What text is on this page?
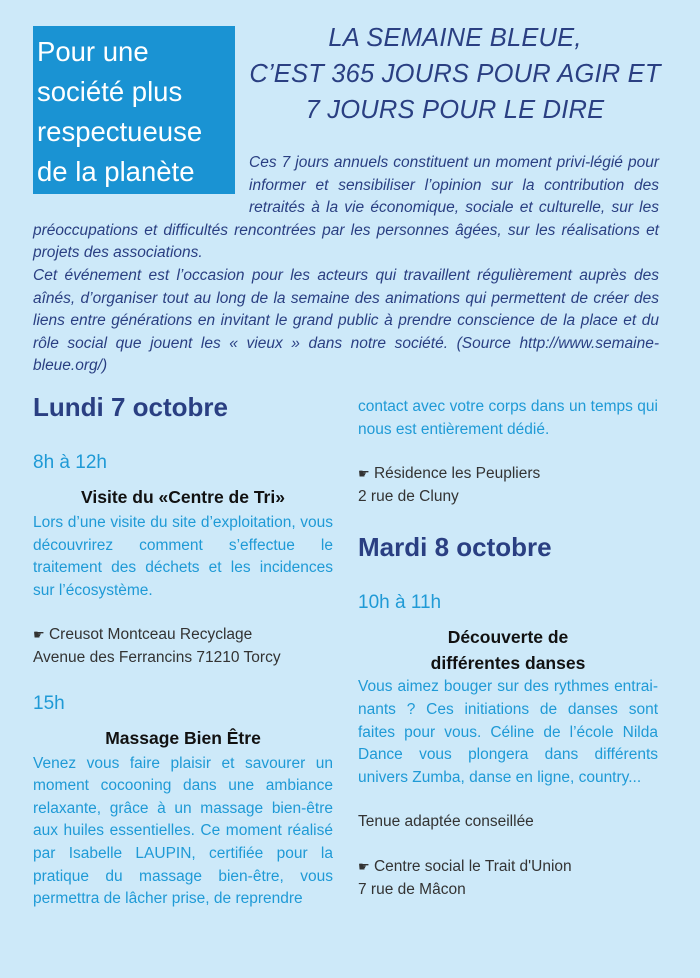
Pour une
société plus
respectueuse
de la planète
LA SEMAINE BLEUE,
C’EST 365 JOURS POUR AGIR ET
7 JOURS POUR LE DIRE

Ces 7 jours annuels constituent un moment privi-légié pour informer et sensibiliser l’opinion sur la contribution des retraités à la vie économique, sociale et culturelle, sur les préoccupations et difficultés rencontrées par les personnes âgées, sur les réalisations et projets des associations.

Cet événement est l’occasion pour les acteurs qui travaillent régulièrement auprès des aînés, d’organiser tout au long de la semaine des animations qui permettent de créer des liens entre générations en invitant le grand public à prendre conscience de la place et du rôle social que jouent les « vieux » dans notre société. (Source http://www.semaine-bleue.org/)

Lundi 7 octobre
8h à 12h
Visite du «Centre de Tri»
Lors d’une visite du site d’exploitation, vous découvrirez comment s’effectue le traitement des déchets et les incidences sur l’écosystème.
☛ Creusot Montceau Recyclage
Avenue des Ferrancins 71210 Torcy
15h
Massage Bien Être
Venez vous faire plaisir et savourer un moment cocooning dans une ambiance relaxante, grâce à un massage bien-être aux huiles essentielles. Ce moment réalisé par Isabelle LAUPIN, certifiée pour la pratique du massage bien-être, vous permettra de lâcher prise, de reprendre
contact avec votre corps dans un temps qui nous est entièrement dédié.
☛ Résidence les Peupliers
2 rue de Cluny
Mardi 8 octobre
10h à 11h
Découverte de
différentes danses
Vous aimez bouger sur des rythmes entrai-nants ? Ces initiations de danses sont faites pour vous. Céline de l’école Nilda Dance vous plongera dans différents univers Zumba, danse en ligne, country...
Tenue adaptée conseillée
☛ Centre social le Trait d'Union
7 rue de Mâcon
